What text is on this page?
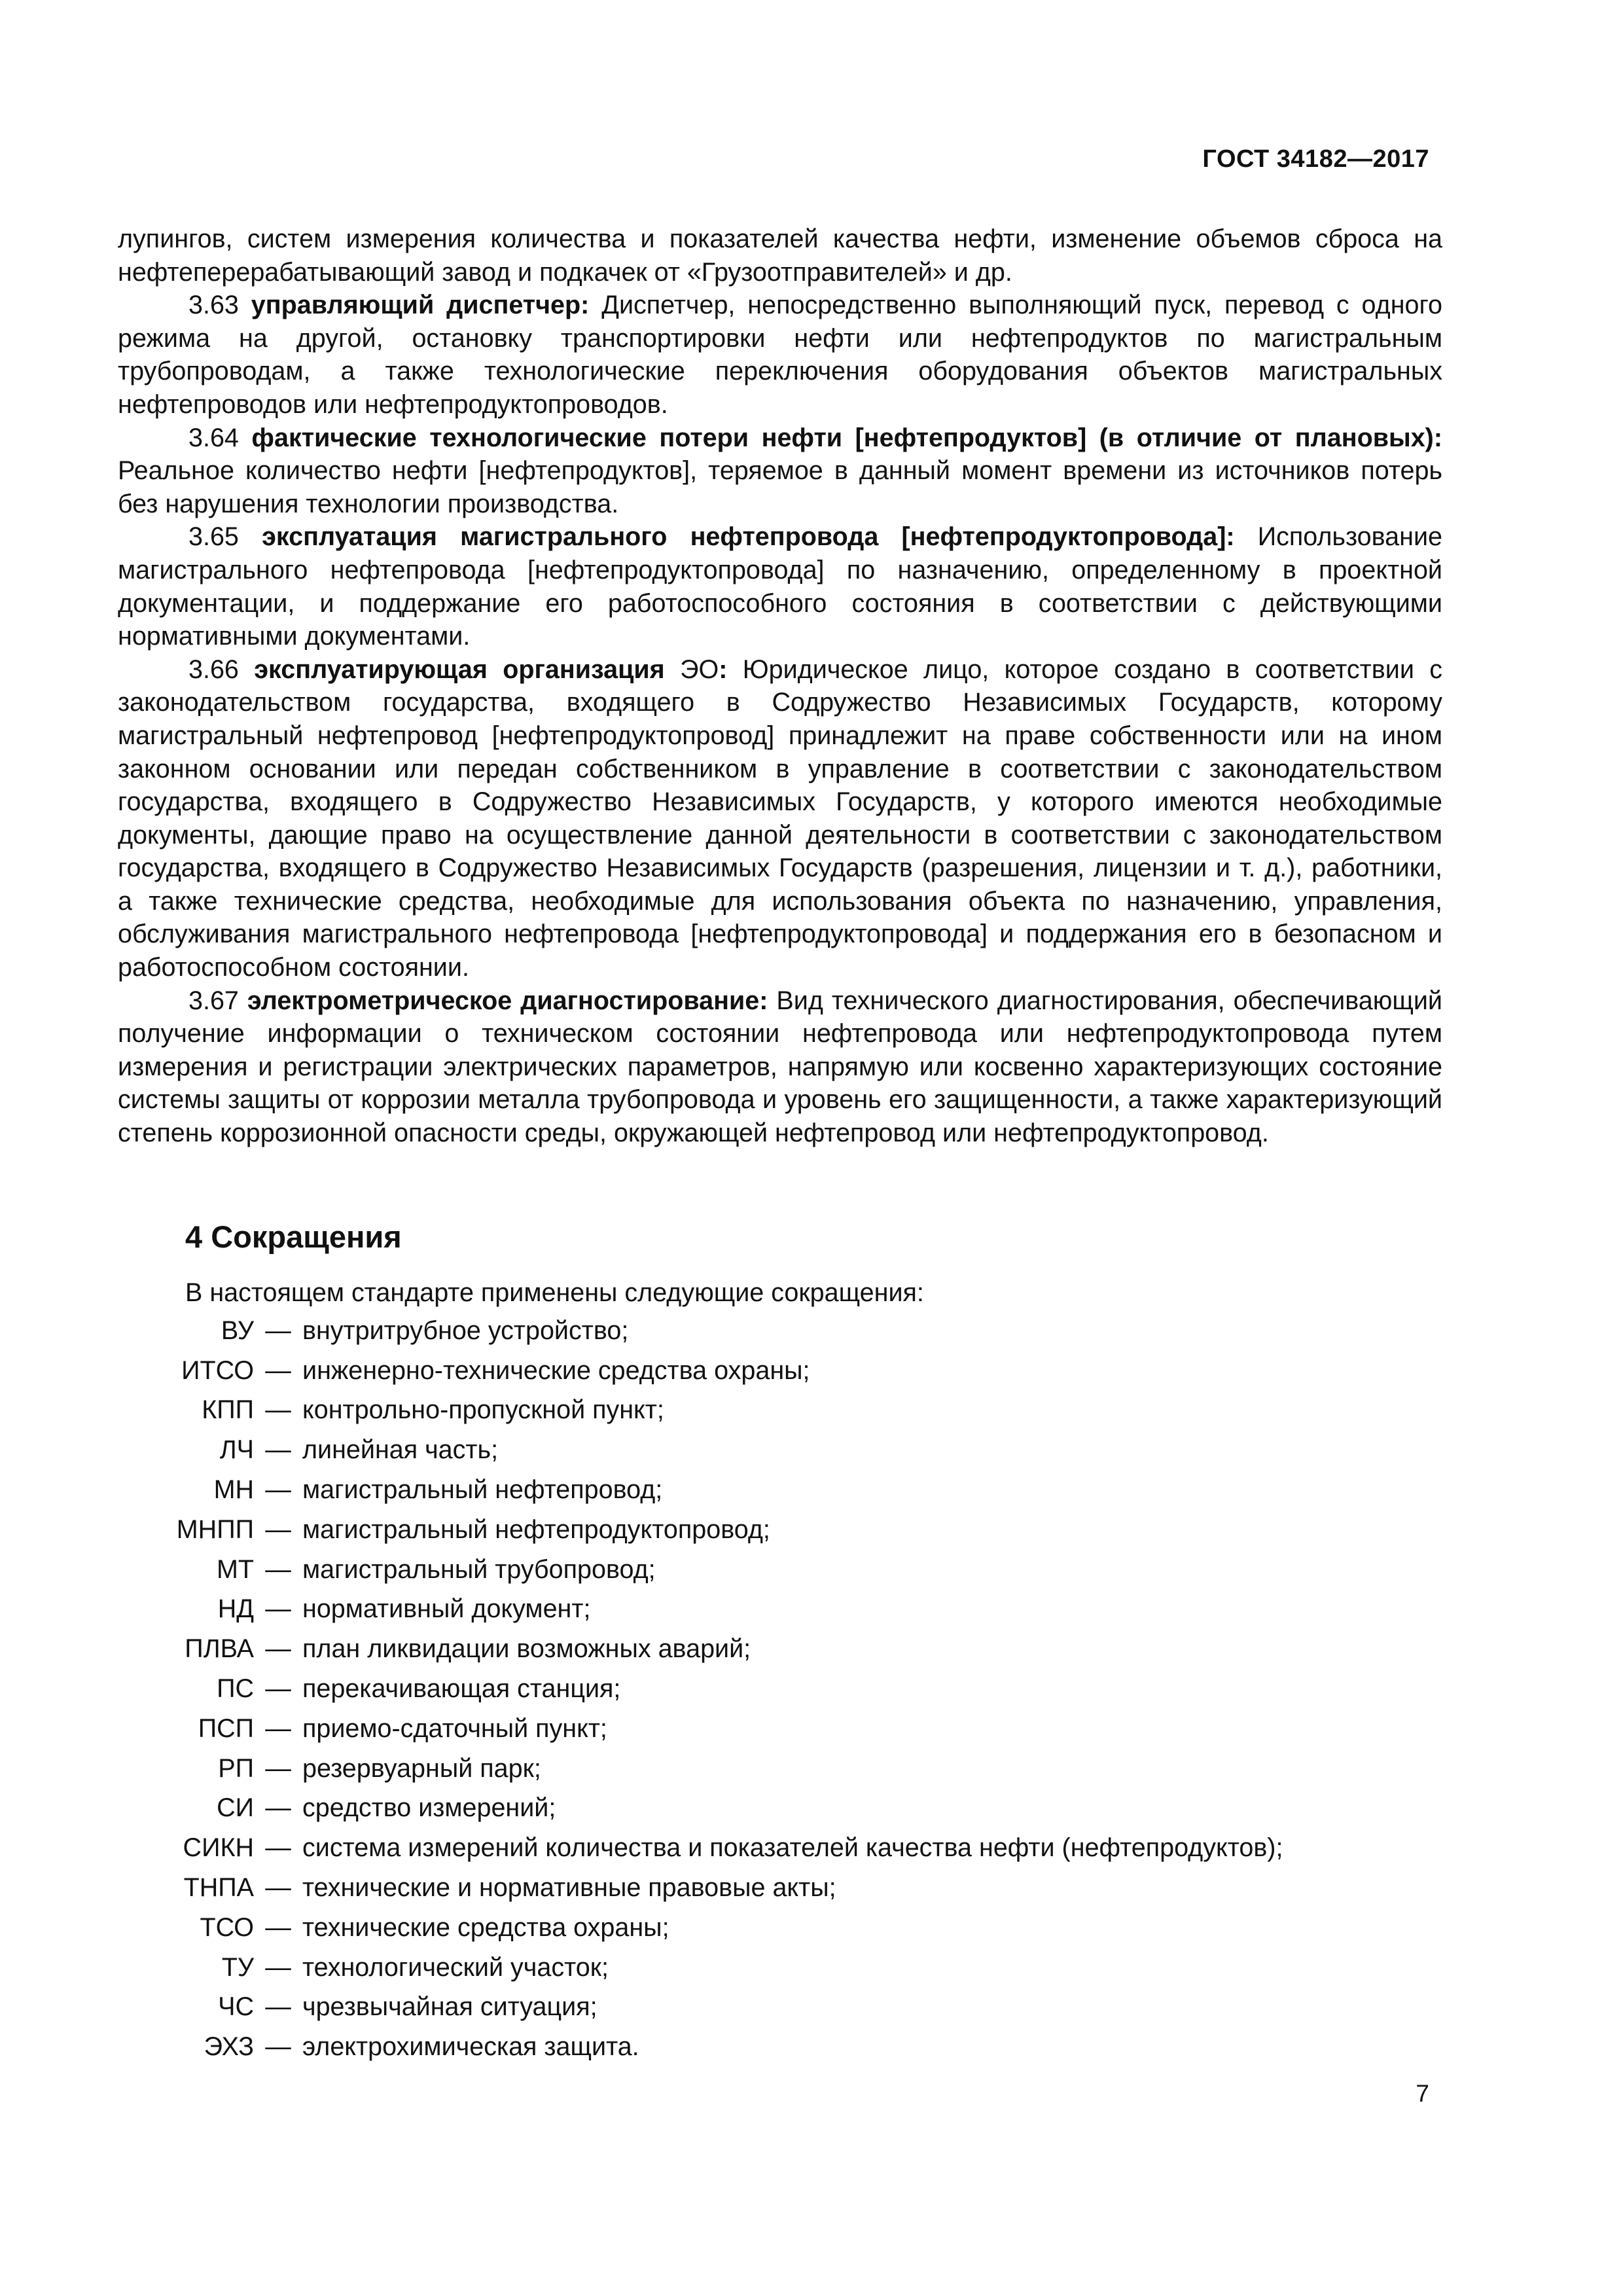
ГОСТ 34182—2017

лупингов, систем измерения количества и показателей качества нефти, изменение объемов сброса на нефтеперерабатывающий завод и подкачек от «Грузоотправителей» и др.

3.63 управляющий диспетчер: Диспетчер, непосредственно выполняющий пуск, перевод с одного режима на другой, остановку транспортировки нефти или нефтепродуктов по магистральным трубопроводам, а также технологические переключения оборудования объектов магистральных нефтепроводов или нефтепродуктопроводов.

3.64 фактические технологические потери нефти [нефтепродуктов] (в отличие от плановых): Реальное количество нефти [нефтепродуктов], теряемое в данный момент времени из источников потерь без нарушения технологии производства.

3.65 эксплуатация магистрального нефтепровода [нефтепродуктопровода]: Использование магистрального нефтепровода [нефтепродуктопровода] по назначению, определенному в проектной документации, и поддержание его работоспособного состояния в соответствии с действующими нормативными документами.

3.66 эксплуатирующая организация ЭО: Юридическое лицо, которое создано в соответствии с законодательством государства, входящего в Содружество Независимых Государств, которому магистральный нефтепровод [нефтепродуктопровод] принадлежит на праве собственности или на ином законном основании или передан собственником в управление в соответствии с законодательством государства, входящего в Содружество Независимых Государств, у которого имеются необходимые документы, дающие право на осуществление данной деятельности в соответствии с законодательством государства, входящего в Содружество Независимых Государств (разрешения, лицензии и т. д.), работники, а также технические средства, необходимые для использования объекта по назначению, управления, обслуживания магистрального нефтепровода [нефтепродуктопровода] и поддержания его в безопасном и работоспособном состоянии.

3.67 электрометрическое диагностирование: Вид технического диагностирования, обеспечивающий получение информации о техническом состоянии нефтепровода или нефтепродуктопровода путем измерения и регистрации электрических параметров, напрямую или косвенно характеризующих состояние системы защиты от коррозии металла трубопровода и уровень его защищенности, а также характеризующий степень коррозионной опасности среды, окружающей нефтепровод или нефтепродуктопровод.

4 Сокращения
В настоящем стандарте применены следующие сокращения:
ВУ — внутритрубное устройство;
ИТСО — инженерно-технические средства охраны;
КПП — контрольно-пропускной пункт;
ЛЧ — линейная часть;
МН — магистральный нефтепровод;
МНПП — магистральный нефтепродуктопровод;
МТ — магистральный трубопровод;
НД — нормативный документ;
ПЛВА — план ликвидации возможных аварий;
ПС — перекачивающая станция;
ПСП — приемо-сдаточный пункт;
РП — резервуарный парк;
СИ — средство измерений;
СИКН — система измерений количества и показателей качества нефти (нефтепродуктов);
ТНПА — технические и нормативные правовые акты;
ТСО — технические средства охраны;
ТУ — технологический участок;
ЧС — чрезвычайная ситуация;
ЭХЗ — электрохимическая защита.
7
